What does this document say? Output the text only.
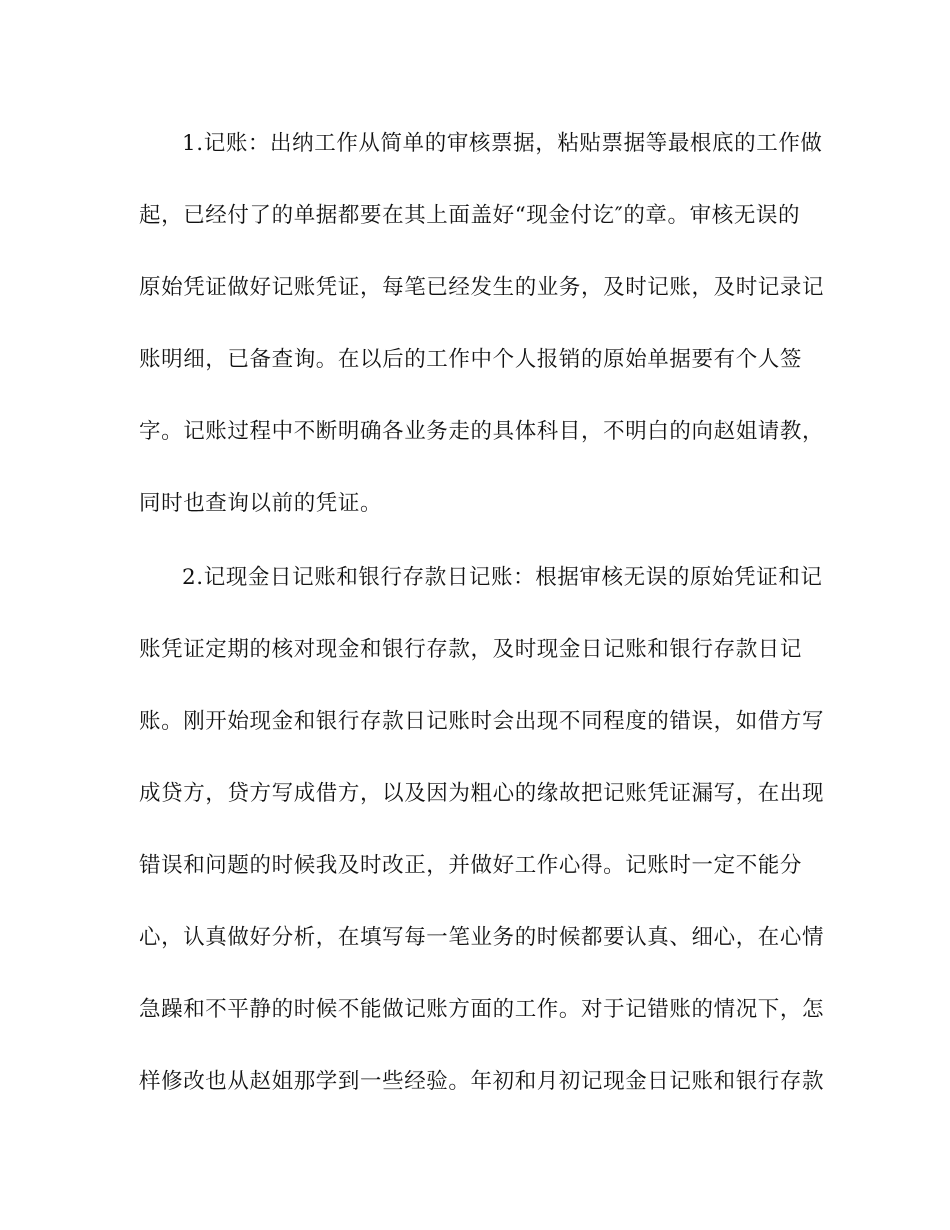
1.记账：出纳工作从简单的审核票据，粘贴票据等最根底的工作做
起，已经付了的单据都要在其上面盖好“现金付讫″的章。审核无误的
原始凭证做好记账凭证，每笔已经发生的业务，及时记账，及时记录记
账明细，已备查询。在以后的工作中个人报销的原始单据要有个人签
字。记账过程中不断明确各业务走的具体科目，不明白的向赵姐请教，
同时也查询以前的凭证。
2.记现金日记账和银行存款日记账：根据审核无误的原始凭证和记
账凭证定期的核对现金和银行存款，及时现金日记账和银行存款日记
账。刚开始现金和银行存款日记账时会出现不同程度的错误，如借方写
成贷方，贷方写成借方，以及因为粗心的缘故把记账凭证漏写，在出现
错误和问题的时候我及时改正，并做好工作心得。记账时一定不能分
心，认真做好分析，在填写每一笔业务的时候都要认真、细心，在心情
急躁和不平静的时候不能做记账方面的工作。对于记错账的情况下，怎
样修改也从赵姐那学到一些经验。年初和月初记现金日记账和银行存款
